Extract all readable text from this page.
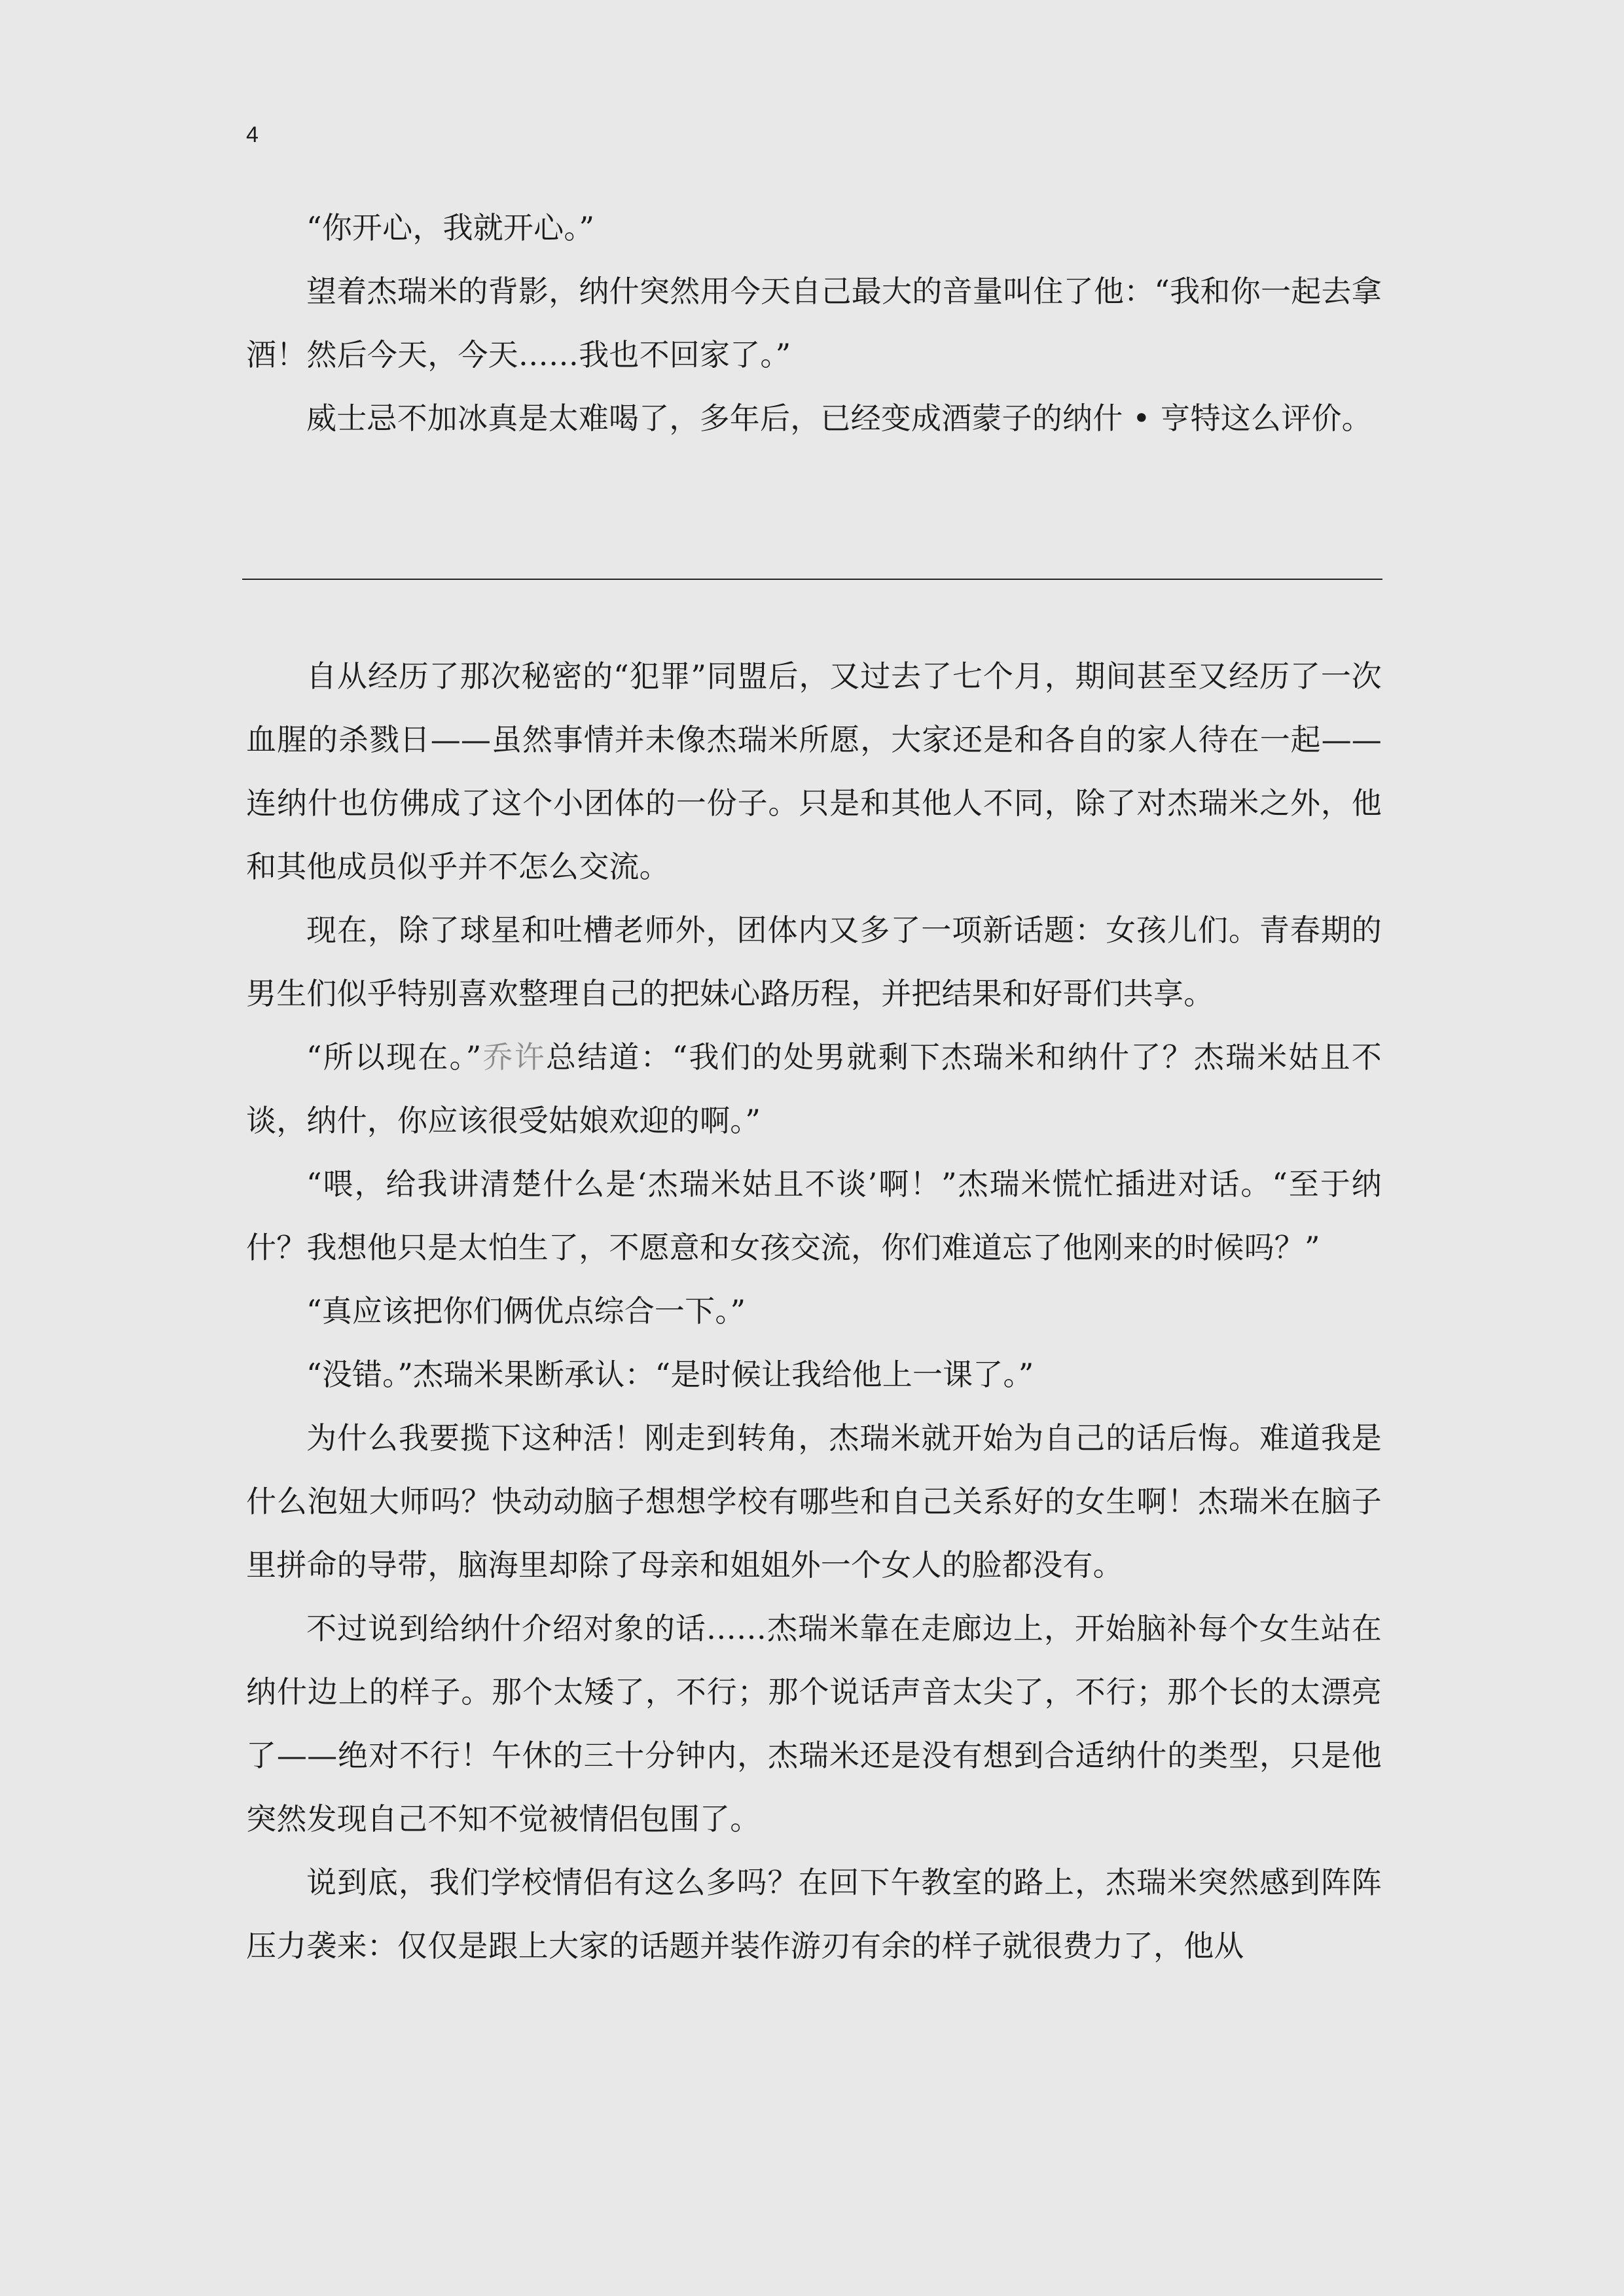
4

“你开心，我就开心。”

望着杰瑞米的背影，纳什突然用今天自己最大的音量叫住了他：“我和你一起去拿酒！然后今天，今天……我也不回家了。”

威士忌不加冰真是太难喝了，多年后，已经变成酒蒙子的纳什 • 亨特这么评价。

自从经历了那次秘密的“犯罪”同盟后，又过去了七个月，期间甚至又经历了一次血腥的杀戮日——虽然事情并未像杰瑞米所愿，大家还是和各自的家人待在一起——连纳什也仿佛成了这个小团体的一份子。只是和其他人不同，除了对杰瑞米之外，他和其他成员似乎并不怎么交流。

现在，除了球星和吐槽老师外，团体内又多了一项新话题：女孩儿们。青春期的男生们似乎特别喜欢整理自己的把妹心路历程，并把结果和好哥们共享。

“所以现在。”乔许总结道：“我们的处男就剩下杰瑞米和纳什了？杰瑞米姑且不谈，纳什，你应该很受姑娘欢迎的啊。”

“喂，给我讲清楚什么是‘杰瑞米姑且不谈’啊！”杰瑞米慌忙插进对话。“至于纳什？我想他只是太怕生了，不愿意和女孩交流，你们难道忘了他刚来的时候吗？”

“真应该把你们俩优点综合一下。”

“没错。”杰瑞米果断承认：“是时候让我给他上一课了。”

为什么我要揽下这种活！刚走到转角，杰瑞米就开始为自己的话后悔。难道我是什么泡妞大师吗？快动动脑子想想学校有哪些和自己关系好的女生啊！杰瑞米在脑子里拼命的导带，脑海里却除了母亲和姐姐外一个女人的脸都没有。

不过说到给纳什介绍对象的话……杰瑞米靠在走廊边上，开始脑补每个女生站在纳什边上的样子。那个太矮了，不行；那个说话声音太尖了，不行；那个长的太漂亮了——绝对不行！午休的三十分钟内，杰瑞米还是没有想到合适纳什的类型，只是他突然发现自己不知不觉被情侣包围了。

说到底，我们学校情侣有这么多吗？在回下午教室的路上，杰瑞米突然感到阵阵压力袭来：仅仅是跟上大家的话题并装作游刃有余的样子就很费力了，他从
